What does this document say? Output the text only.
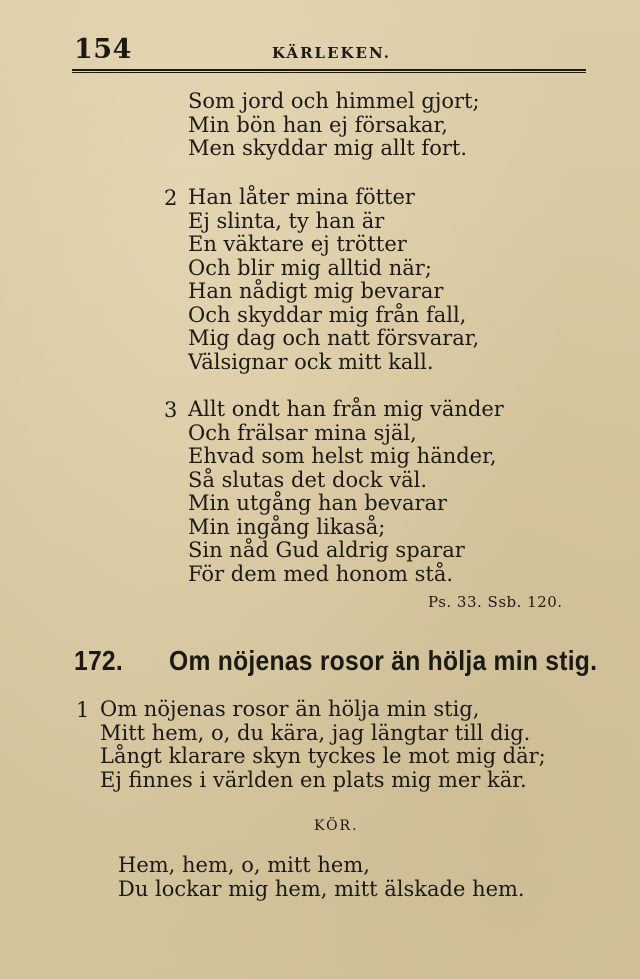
154	KÄRLEKEN.
Som jord och himmel gjort;
Min bön han ej försakar,
Men skyddar mig allt fort.
2 Han låter mina fötter
Ej slinta, ty han är
En väktare ej trötter
Och blir mig alltid när;
Han nådigt mig bevarar
Och skyddar mig från fall,
Mig dag och natt försvarar,
Välsignar ock mitt kall.
3 Allt ondt han från mig vänder
Och frälsar mina själ,
Ehvad som helst mig händer,
Så slutas det dock väl.
Min utgång han bevarar
Min ingång likaså;
Sin nåd Gud aldrig sparar
För dem med honom stå.
Ps. 33. Ssb. 120.
172. Om nöjenas rosor än hölja min stig.
1 Om nöjenas rosor än hölja min stig,
Mitt hem, o, du kära, jag längtar till dig.
Långt klarare skyn tyckes le mot mig där;
Ej finnes i världen en plats mig mer kär.
KÖR.
Hem, hem, o, mitt hem,
Du lockar mig hem, mitt älskade hem.
